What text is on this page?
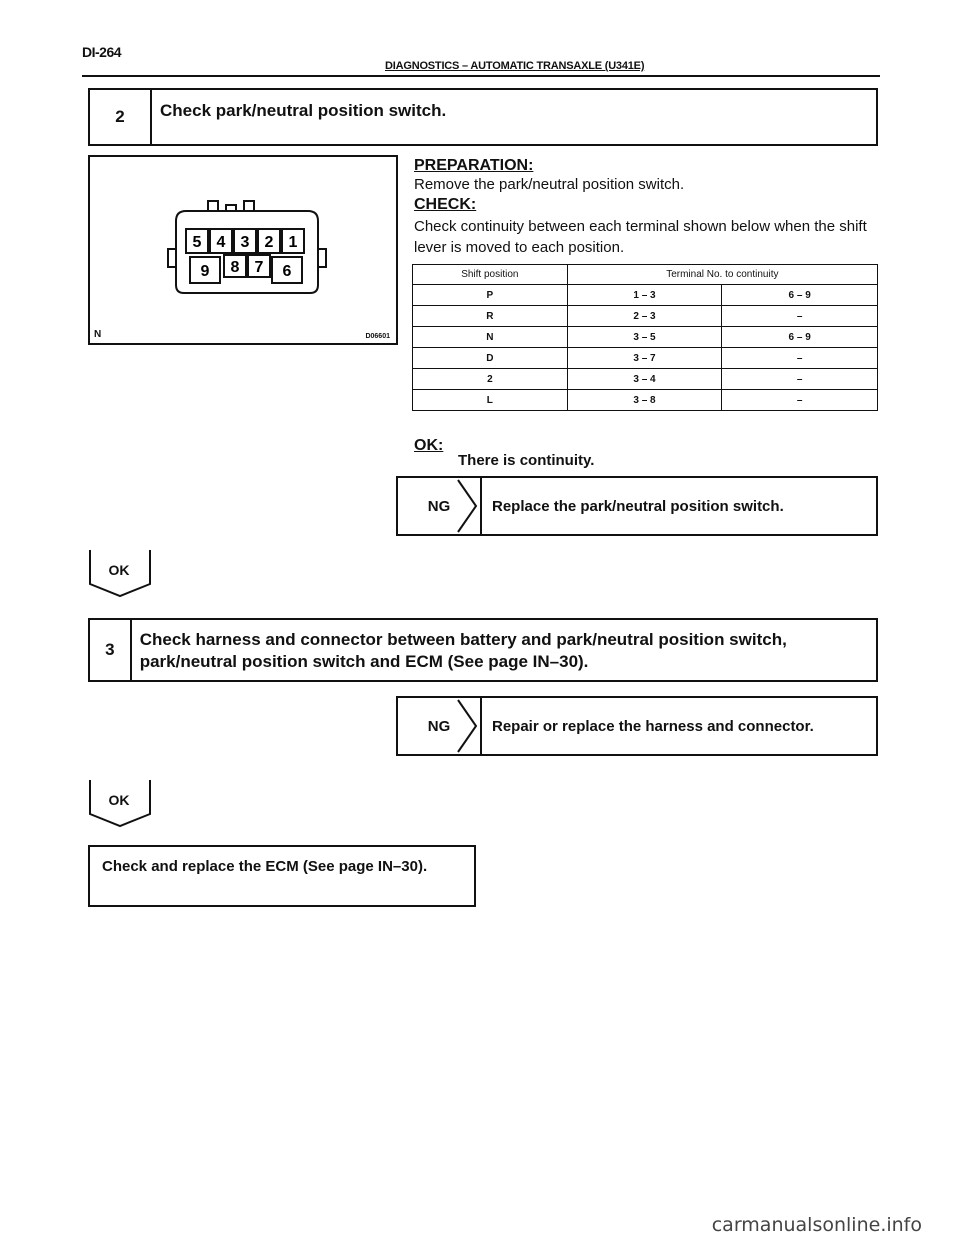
DI-264
DIAGNOSTICS – AUTOMATIC TRANSAXLE (U341E)
2	Check park/neutral position switch.
5 4 3 2 1
9 8 7 6
N	D06601
PREPARATION:
Remove the park/neutral position switch.
CHECK:
Check continuity between each terminal shown below when the shift lever is moved to each position.
Shift position	Terminal No. to continuity	
P	1 – 3	6 – 9
R	2 – 3	–
N	3 – 5	6 – 9
D	3 – 7	–
2	3 – 4	–
L	3 – 8	–
OK:
There is continuity.
NG	Replace the park/neutral position switch.
OK
3
Check harness and connector between battery and park/neutral position switch, park/neutral position switch and ECM (See page IN–30).
NG	Repair or replace the harness and connector.
OK
Check and replace the ECM (See page IN–30).
carmanualsonline.info
